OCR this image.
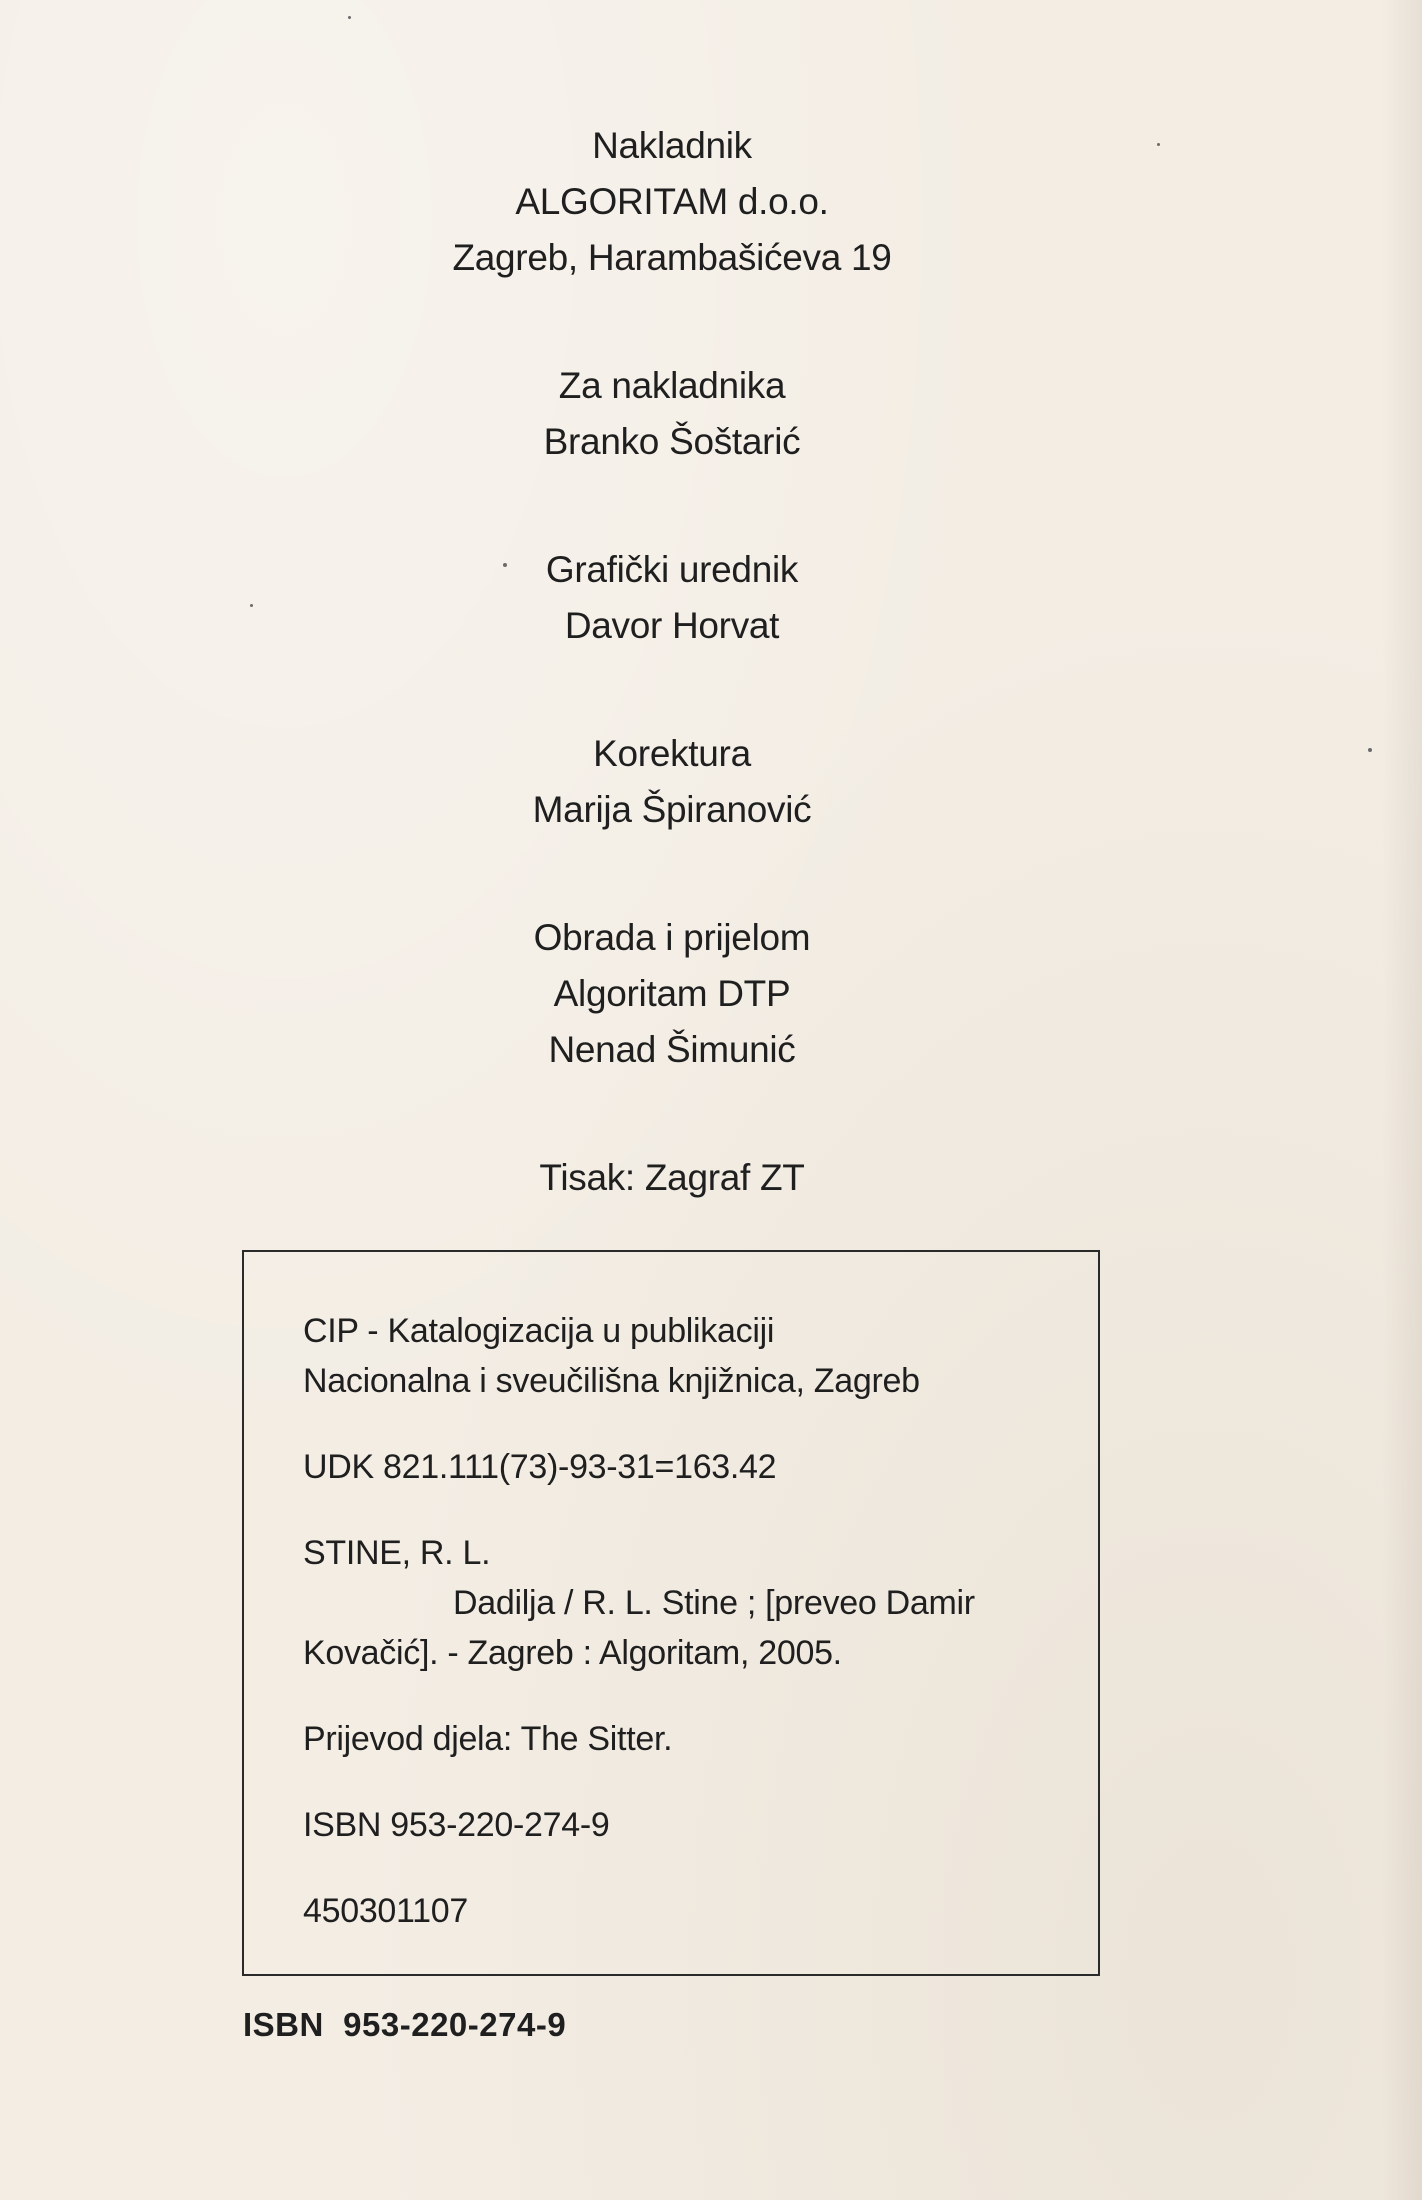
Nakladnik
ALGORITAM d.o.o.
Zagreb, Harambašićeva 19
Za nakladnika
Branko Šoštarić
Grafički urednik
Davor Horvat
Korektura
Marija Špiranović
Obrada i prijelom
Algoritam DTP
Nenad Šimunić
Tisak: Zagraf ZT
CIP - Katalogizacija u publikaciji
Nacionalna i sveučilišna knjižnica, Zagreb
UDK 821.111(73)-93-31=163.42
STINE, R. L.
Dadilja / R. L. Stine ; [preveo Damir
Kovačić]. - Zagreb : Algoritam, 2005.
Prijevod djela: The Sitter.
ISBN 953-220-274-9
450301107
ISBN  953-220-274-9
